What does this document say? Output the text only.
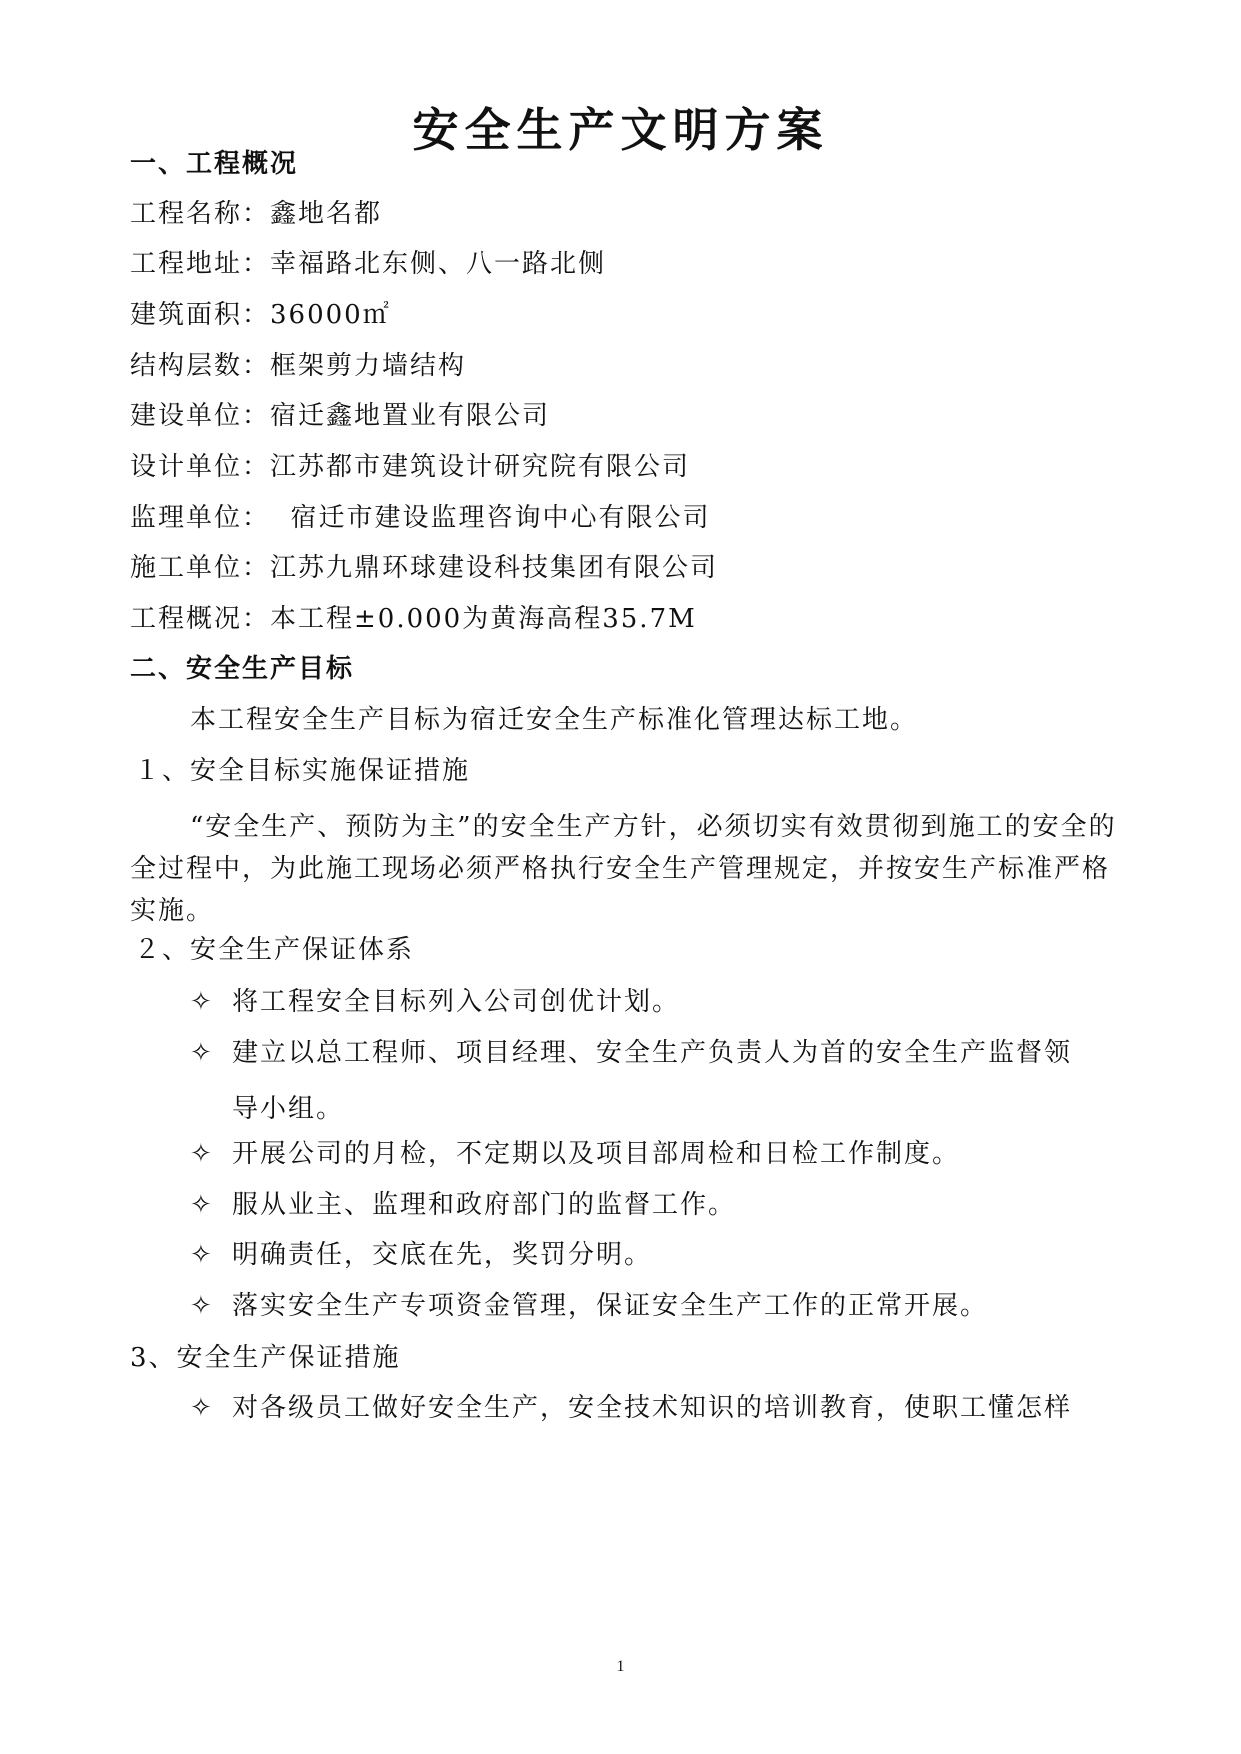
安全生产文明方案
一、工程概况
工程名称：鑫地名都
工程地址：幸福路北东侧、八一路北侧
建筑面积：36000㎡
结构层数：框架剪力墙结构
建设单位：宿迁鑫地置业有限公司
设计单位：江苏都市建筑设计研究院有限公司
监理单位：  宿迁市建设监理咨询中心有限公司
施工单位：江苏九鼎环球建设科技集团有限公司
工程概况：本工程±0.000为黄海高程35.7M
二、安全生产目标
本工程安全生产目标为宿迁安全生产标准化管理达标工地。
１、安全目标实施保证措施
“安全生产、预防为主”的安全生产方针，必须切实有效贯彻到施工的安全的全过程中，为此施工现场必须严格执行安全生产管理规定，并按安生产标准严格实施。
２、安全生产保证体系
✧ 将工程安全目标列入公司创优计划。
✧ 建立以总工程师、项目经理、安全生产负责人为首的安全生产监督领
导小组。
✧ 开展公司的月检，不定期以及项目部周检和日检工作制度。
✧ 服从业主、监理和政府部门的监督工作。
✧ 明确责任，交底在先，奖罚分明。
✧ 落实安全生产专项资金管理，保证安全生产工作的正常开展。
3、安全生产保证措施
✧ 对各级员工做好安全生产，安全技术知识的培训教育，使职工懂怎样
1
